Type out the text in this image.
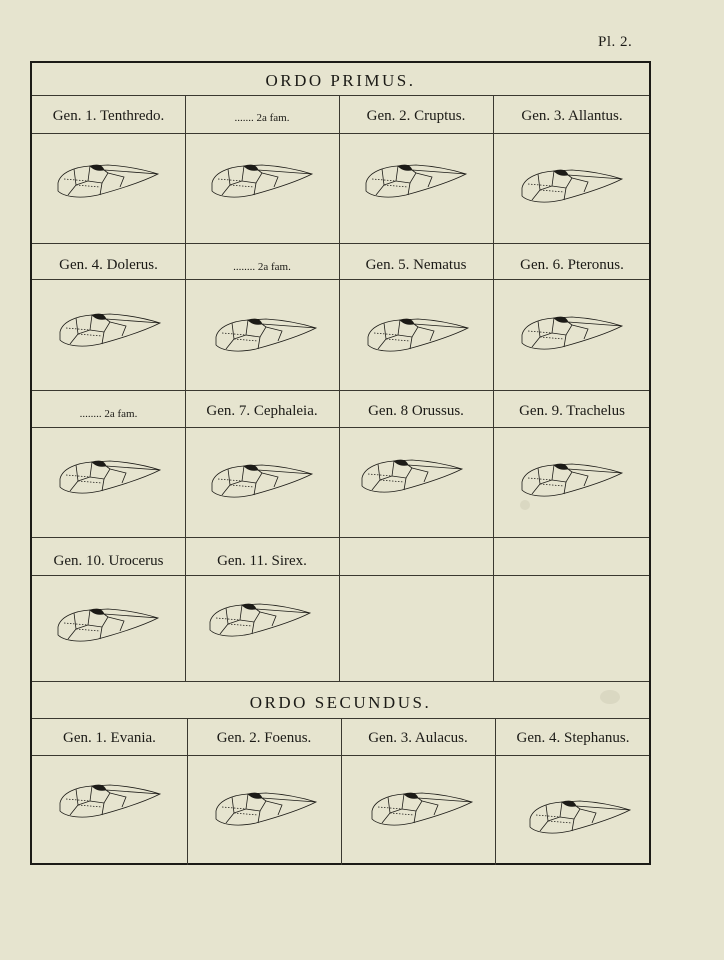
Pl. 2.
ORDO PRIMUS.
ORDO SECUNDUS.
Gen. 1. Tenthredo.	....... 2a fam.	Gen. 2. Cruptus.	Gen. 3. Allantus.
Gen. 4. Dolerus.	........ 2a fam.	Gen. 5. Nematus	Gen. 6. Pteronus.
........ 2a fam.	Gen. 7. Cephaleia.	Gen. 8 Orussus.	Gen. 9. Trachelus
Gen. 10. Urocerus	Gen. 11. Sirex.
Gen. 1. Evania.	Gen. 2. Foenus.	Gen. 3. Aulacus.	Gen. 4. Stephanus.
